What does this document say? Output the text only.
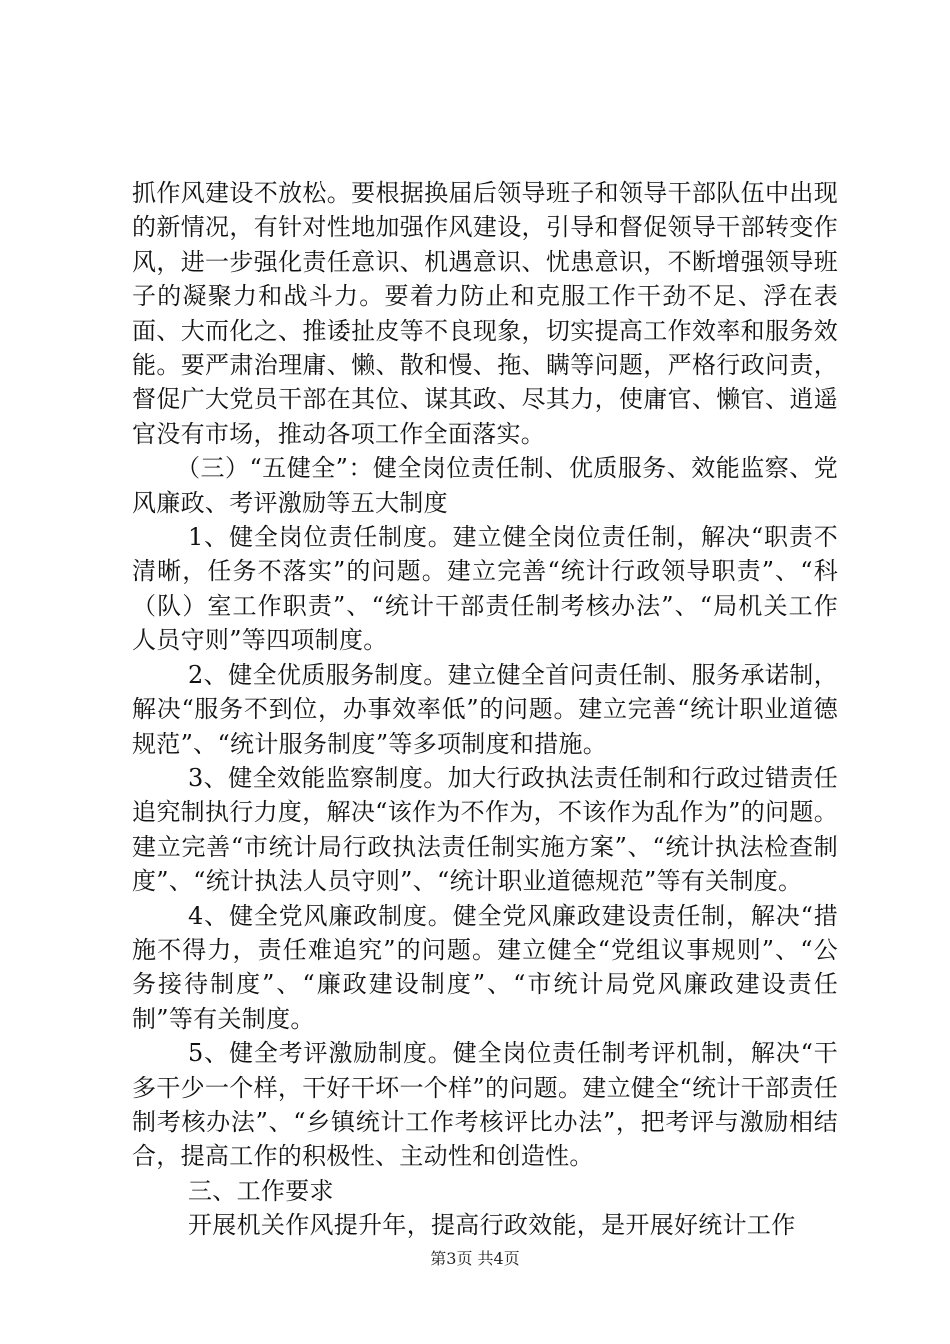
抓作风建设不放松。要根据换届后领导班子和领导干部队伍中出现的新情况，有针对性地加强作风建设，引导和督促领导干部转变作风，进一步强化责任意识、机遇意识、忧患意识，不断增强领导班子的凝聚力和战斗力。要着力防止和克服工作干劲不足、浮在表面、大而化之、推诿扯皮等不良现象，切实提高工作效率和服务效能。要严肃治理庸、懒、散和慢、拖、瞒等问题，严格行政问责，督促广大党员干部在其位、谋其政、尽其力，使庸官、懒官、逍遥官没有市场，推动各项工作全面落实。

（三）“五健全”：健全岗位责任制、优质服务、效能监察、党风廉政、考评激励等五大制度

1、健全岗位责任制度。建立健全岗位责任制，解决“职责不清晰，任务不落实”的问题。建立完善“统计行政领导职责”、“科（队）室工作职责”、“统计干部责任制考核办法”、“局机关工作人员守则”等四项制度。

2、健全优质服务制度。建立健全首问责任制、服务承诺制，解决“服务不到位，办事效率低”的问题。建立完善“统计职业道德规范”、“统计服务制度”等多项制度和措施。

3、健全效能监察制度。加大行政执法责任制和行政过错责任追究制执行力度，解决“该作为不作为，不该作为乱作为”的问题。建立完善“市统计局行政执法责任制实施方案”、“统计执法检查制度”、“统计执法人员守则”、“统计职业道德规范”等有关制度。

4、健全党风廉政制度。健全党风廉政建设责任制，解决“措施不得力，责任难追究”的问题。建立健全“党组议事规则”、“公务接待制度”、“廉政建设制度”、“市统计局党风廉政建设责任制”等有关制度。

5、健全考评激励制度。健全岗位责任制考评机制，解决“干多干少一个样，干好干坏一个样”的问题。建立健全“统计干部责任制考核办法”、“乡镇统计工作考核评比办法”，把考评与激励相结合，提高工作的积极性、主动性和创造性。

三、工作要求

开展机关作风提升年，提高行政效能，是开展好统计工作

第3页 共4页
